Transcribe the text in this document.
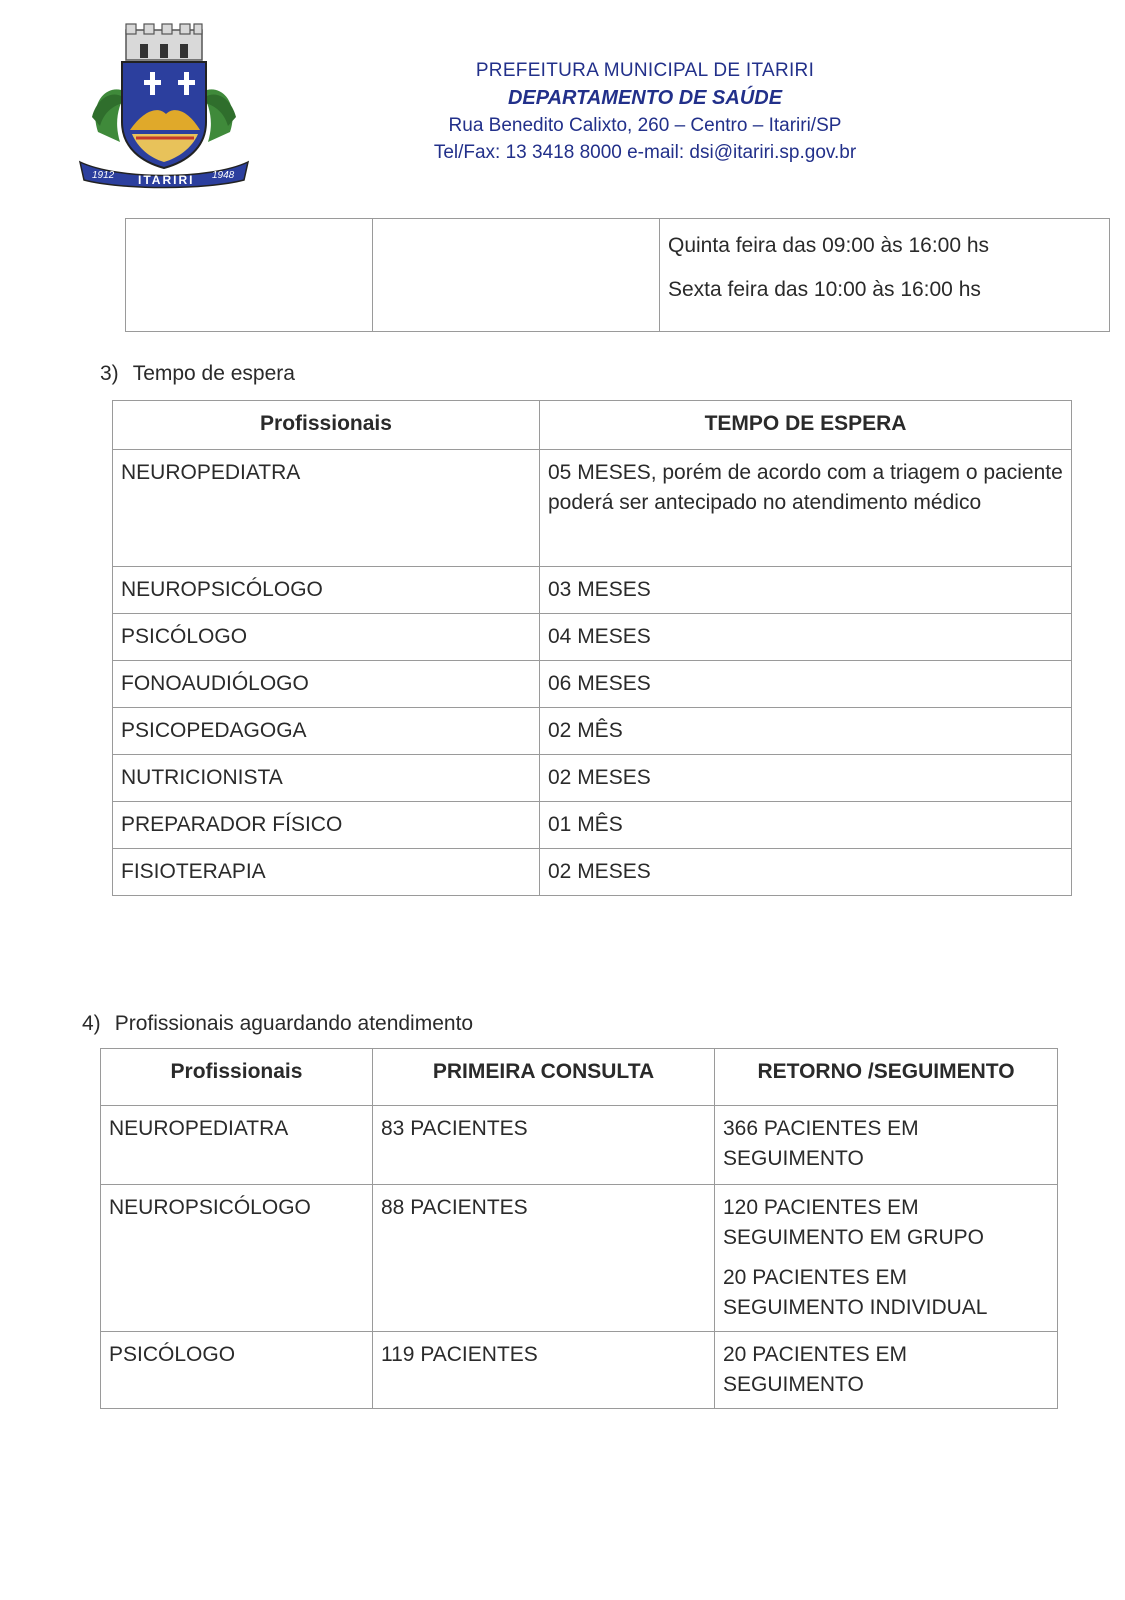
1912 ITARIRI 1948
PREFEITURA MUNICIPAL DE ITARIRI
DEPARTAMENTO DE SAÚDE
Rua Benedito Calixto, 260 – Centro – Itariri/SP
Tel/Fax: 13 3418 8000 e-mail: dsi@itariri.sp.gov.br

Quinta feira das 09:00 às 16:00 hs

Sexta feira das 10:00 às 16:00 hs

3) Tempo de espera
Profissionais	TEMPO DE ESPERA
NEUROPEDIATRA	05 MESES, porém de acordo com a triagem o paciente poderá ser antecipado no atendimento médico
NEUROPSICÓLOGO	03 MESES
PSICÓLOGO	04 MESES
FONOAUDIÓLOGO	06 MESES
PSICOPEDAGOGA	02 MÊS
NUTRICIONISTA	02 MESES
PREPARADOR FÍSICO	01 MÊS
FISIOTERAPIA	02 MESES
4) Profissionais aguardando atendimento
Profissionais	PRIMEIRA CONSULTA	RETORNO /SEGUIMENTO
NEUROPEDIATRA	83 PACIENTES	366 PACIENTES EM SEGUIMENTO

NEUROPSICÓLOGO	88 PACIENTES	120 PACIENTES EM SEGUIMENTO EM GRUPO

20 PACIENTES EM SEGUIMENTO INDIVIDUAL

PSICÓLOGO	119 PACIENTES	20 PACIENTES EM SEGUIMENTO
